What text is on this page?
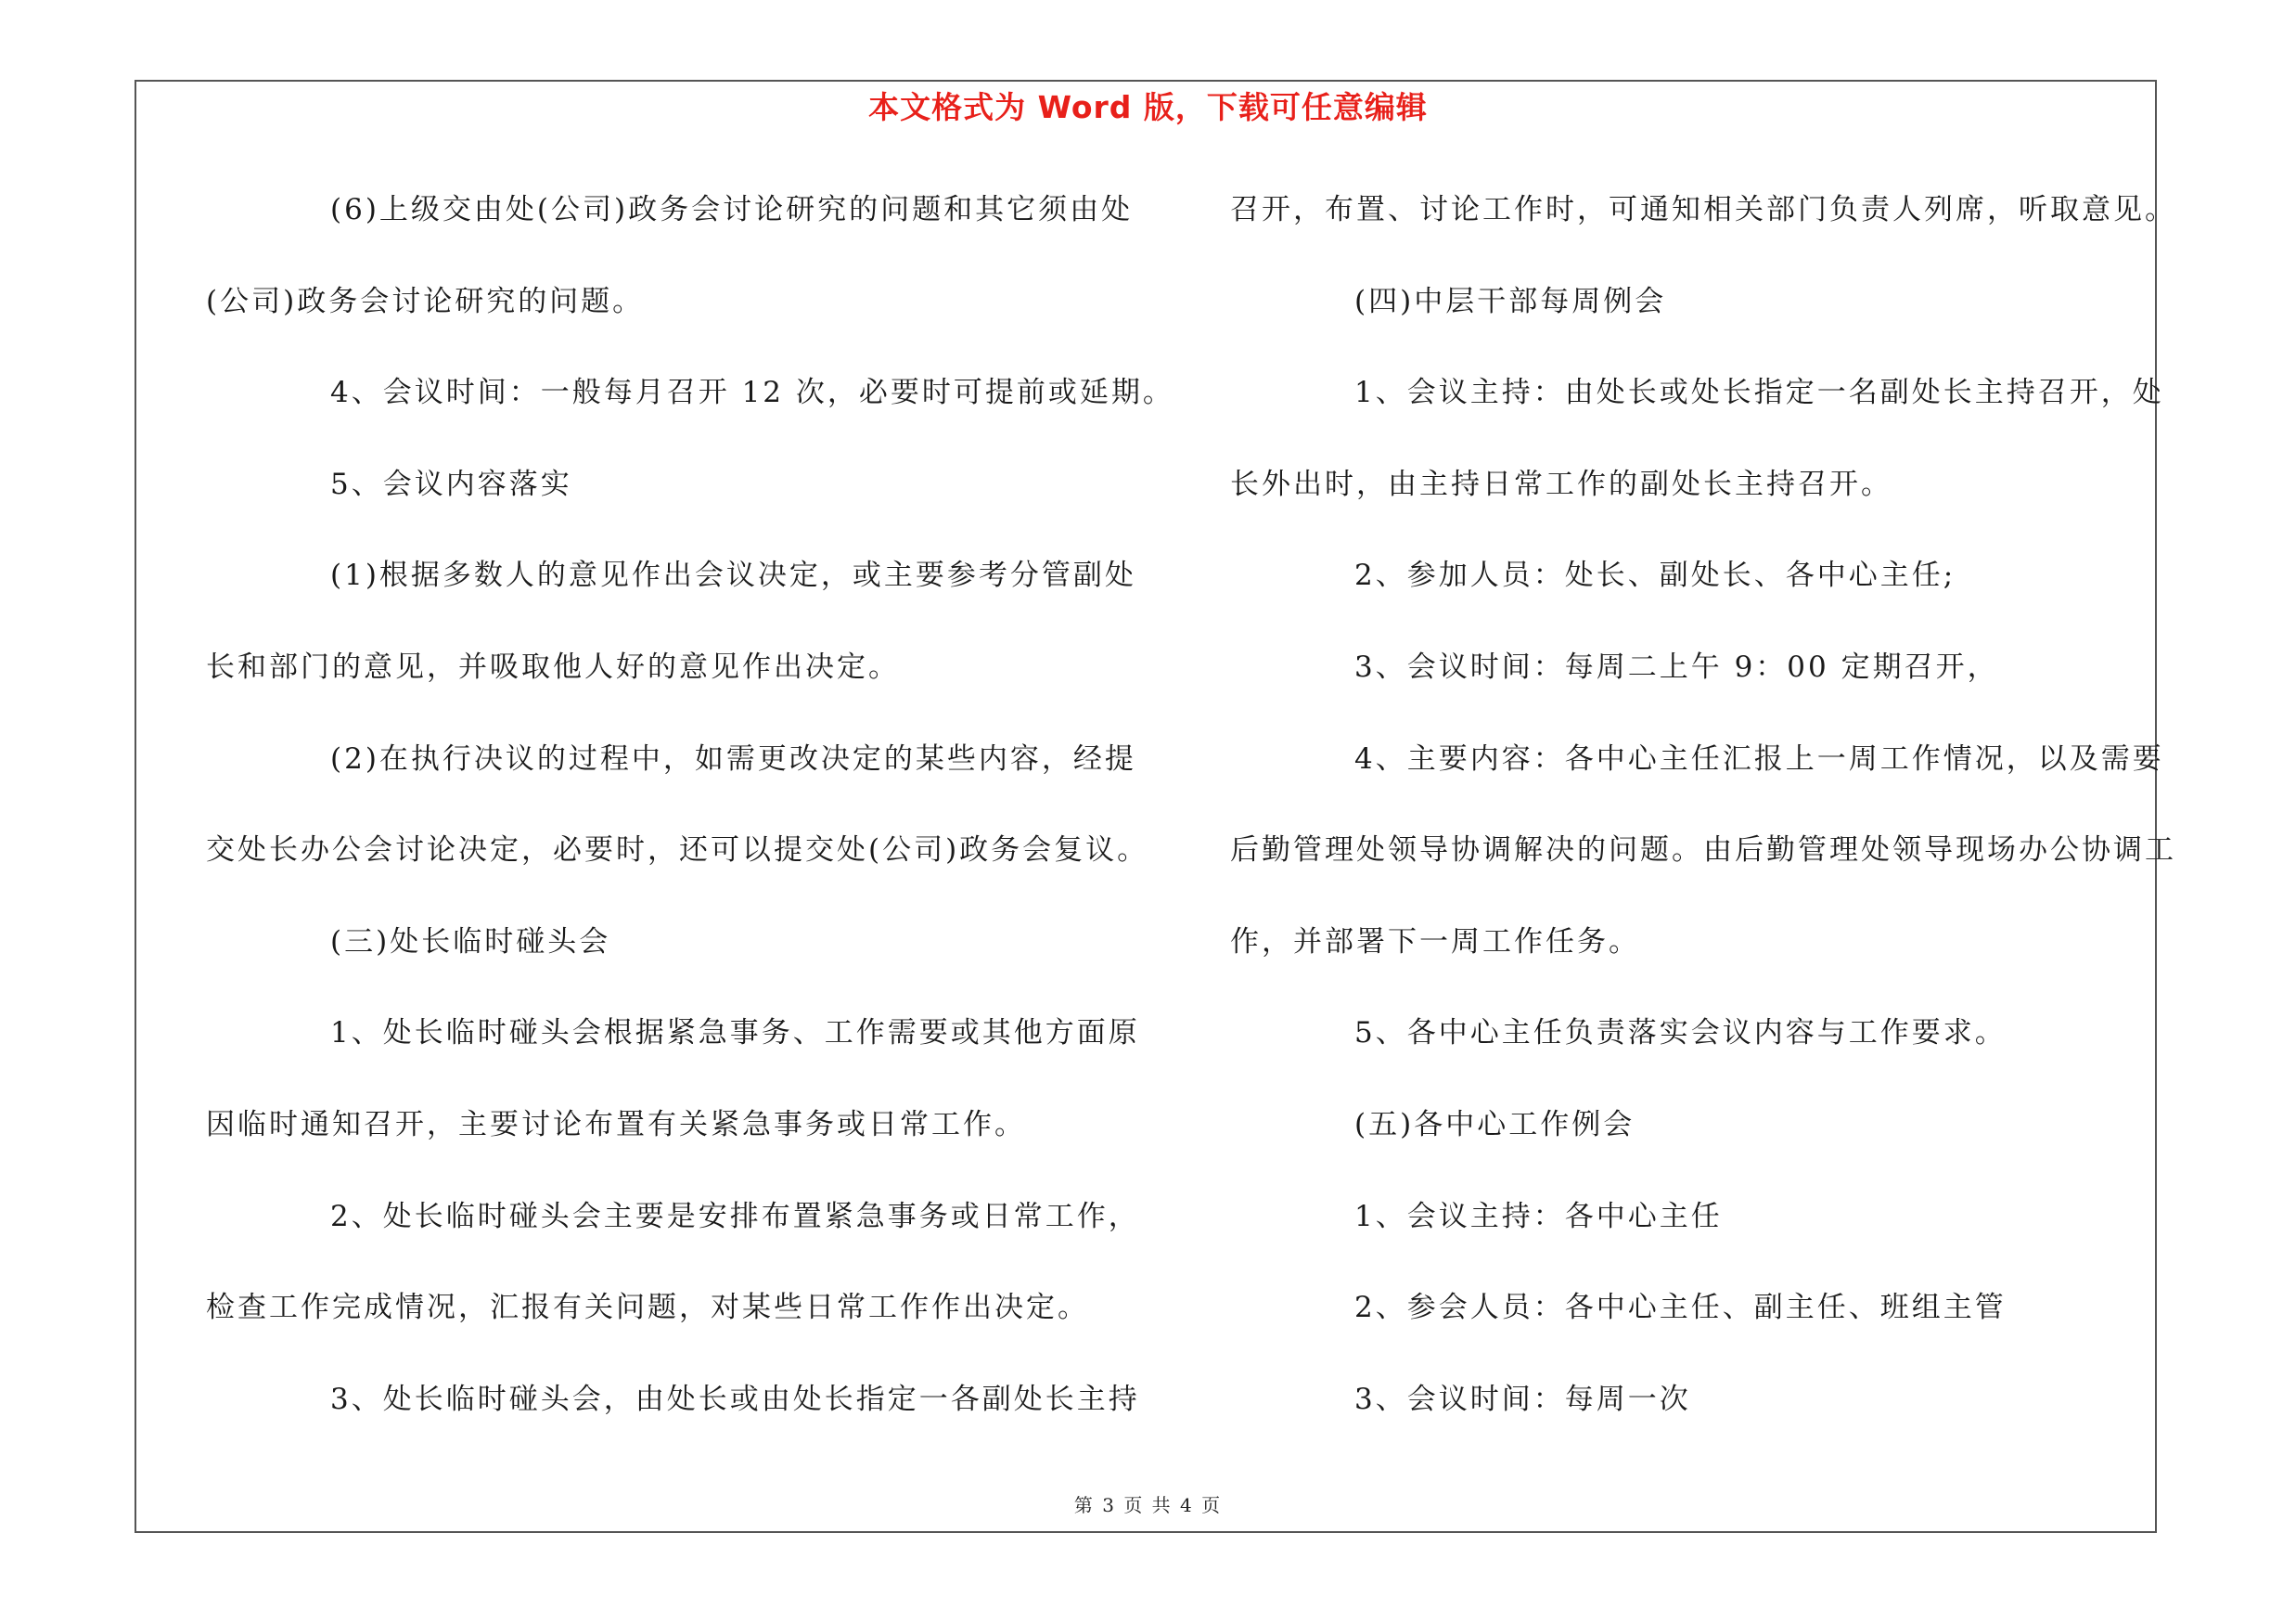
本文格式为 Word 版，下载可任意编辑
(6)上级交由处(公司)政务会讨论研究的问题和其它须由处
(公司)政务会讨论研究的问题。
4、会议时间：一般每月召开 12 次，必要时可提前或延期。
5、会议内容落实
(1)根据多数人的意见作出会议决定，或主要参考分管副处
长和部门的意见，并吸取他人好的意见作出决定。
(2)在执行决议的过程中，如需更改决定的某些内容，经提
交处长办公会讨论决定，必要时，还可以提交处(公司)政务会复议。
(三)处长临时碰头会
1、处长临时碰头会根据紧急事务、工作需要或其他方面原
因临时通知召开，主要讨论布置有关紧急事务或日常工作。
2、处长临时碰头会主要是安排布置紧急事务或日常工作，
检查工作完成情况，汇报有关问题，对某些日常工作作出决定。
3、处长临时碰头会，由处长或由处长指定一各副处长主持
召开，布置、讨论工作时，可通知相关部门负责人列席，听取意见。
(四)中层干部每周例会
1、会议主持：由处长或处长指定一名副处长主持召开，处
长外出时，由主持日常工作的副处长主持召开。
2、参加人员：处长、副处长、各中心主任;
3、会议时间：每周二上午 9：00 定期召开，
4、主要内容：各中心主任汇报上一周工作情况，以及需要
后勤管理处领导协调解决的问题。由后勤管理处领导现场办公协调工
作，并部署下一周工作任务。
5、各中心主任负责落实会议内容与工作要求。
(五)各中心工作例会
1、会议主持：各中心主任
2、参会人员：各中心主任、副主任、班组主管
3、会议时间：每周一次
第 3 页 共 4 页
